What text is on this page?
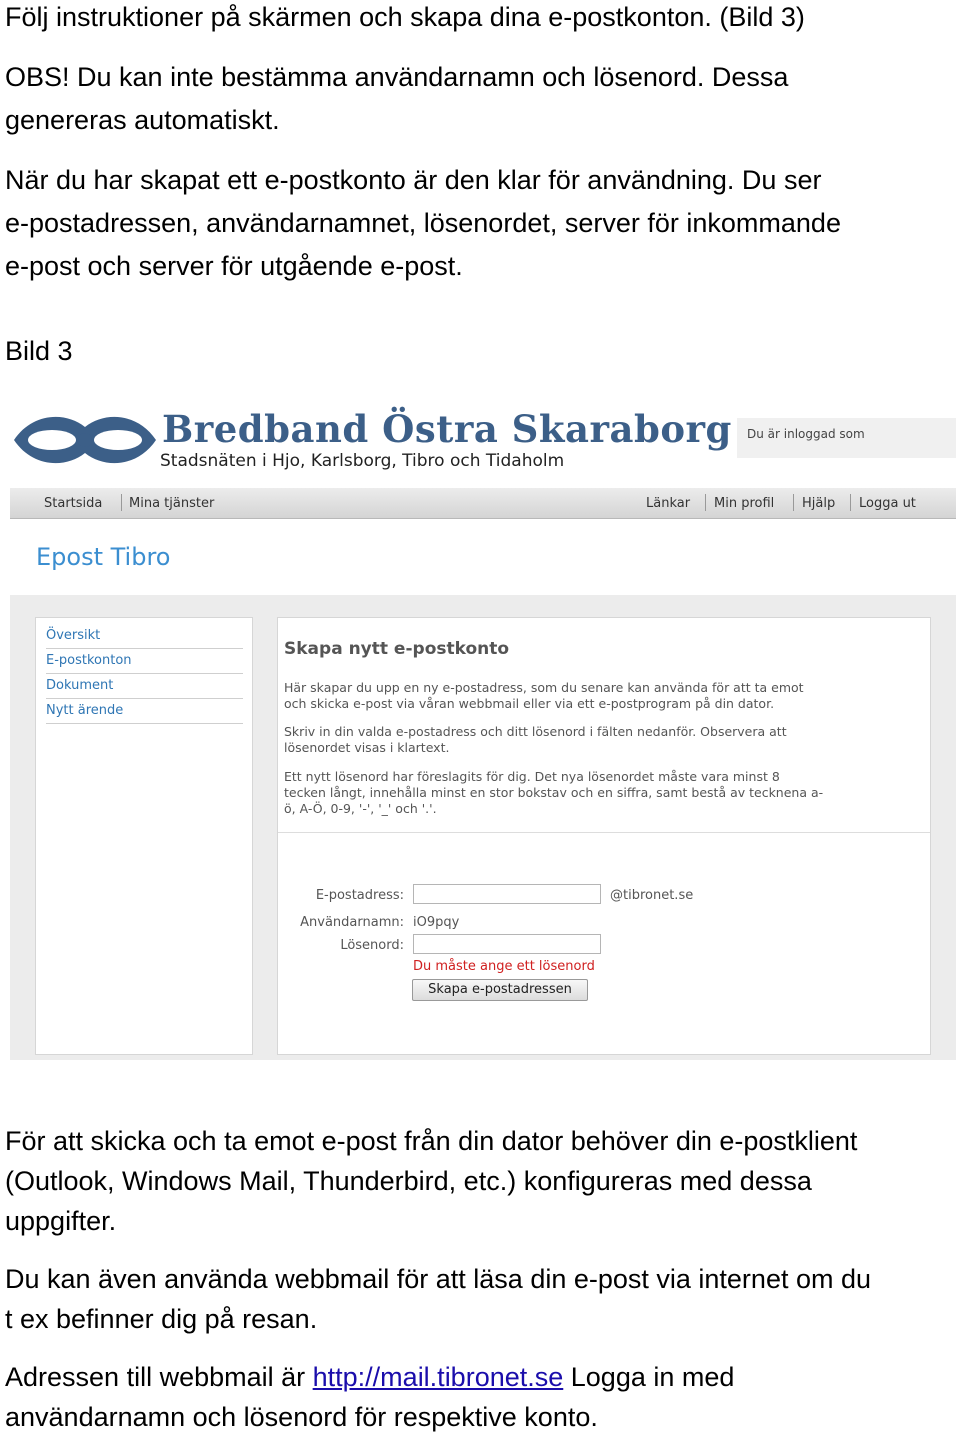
Följ instruktioner på skärmen och skapa dina e-postkonton. (Bild 3)

OBS! Du kan inte bestämma användarnamn och lösenord. Dessa

genereras automatiskt.

När du har skapat ett e-postkonto är den klar för användning. Du ser

e-postadressen, användarnamnet, lösenordet, server för inkommande

e-post och server för utgående e-post.

Bild 3

Bredband Östra Skaraborg
Stadsnäten i Hjo, Karlsborg, Tibro och Tidaholm
Du är inloggad som
Startsida Mina tjänster	Länkar Min profil Hjälp Logga ut
Epost Tibro
Översikt
E-postkonton
Dokument
Nytt ärende
Skapa nytt e-postkonto

Här skapar du upp en ny e-postadress, som du senare kan använda för att ta emot

och skicka e-post via våran webbmail eller via ett e-postprogram på din dator.

Skriv in din valda e-postadress och ditt lösenord i fälten nedanför. Observera att

lösenordet visas i klartext.

Ett nytt lösenord har föreslagits för dig. Det nya lösenordet måste vara minst 8

tecken långt, innehålla minst en stor bokstav och en siffra, samt bestå av tecknena a-

ö, A-Ö, 0-9, '-', '_' och '.'.

E-postadress:	@tibronet.se
Användarnamn: iO9pqy
Lösenord:
Du måste ange ett lösenord
Skapa e-postadressen

För att skicka och ta emot e-post från din dator behöver din e-postklient

(Outlook, Windows Mail, Thunderbird, etc.) konfigureras med dessa

uppgifter.

Du kan även använda webbmail för att läsa din e-post via internet om du

t ex befinner dig på resan.

Adressen till webbmail är http://mail.tibronet.se Logga in med

användarnamn och lösenord för respektive konto.
